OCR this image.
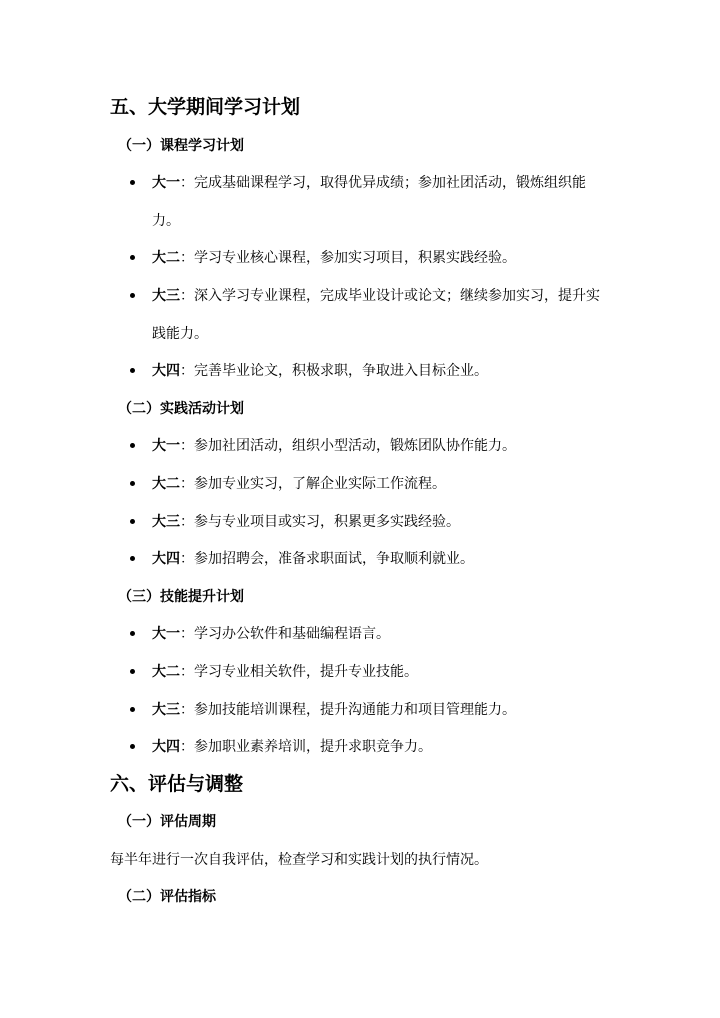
五、大学期间学习计划
（一）课程学习计划
大一：完成基础课程学习，取得优异成绩；参加社团活动，锻炼组织能力。
大二：学习专业核心课程，参加实习项目，积累实践经验。
大三：深入学习专业课程，完成毕业设计或论文；继续参加实习，提升实践能力。
大四：完善毕业论文，积极求职，争取进入目标企业。
（二）实践活动计划
大一：参加社团活动，组织小型活动，锻炼团队协作能力。
大二：参加专业实习，了解企业实际工作流程。
大三：参与专业项目或实习，积累更多实践经验。
大四：参加招聘会，准备求职面试，争取顺利就业。
（三）技能提升计划
大一：学习办公软件和基础编程语言。
大二：学习专业相关软件，提升专业技能。
大三：参加技能培训课程，提升沟通能力和项目管理能力。
大四：参加职业素养培训，提升求职竞争力。
六、评估与调整
（一）评估周期
每半年进行一次自我评估，检查学习和实践计划的执行情况。
（二）评估指标
